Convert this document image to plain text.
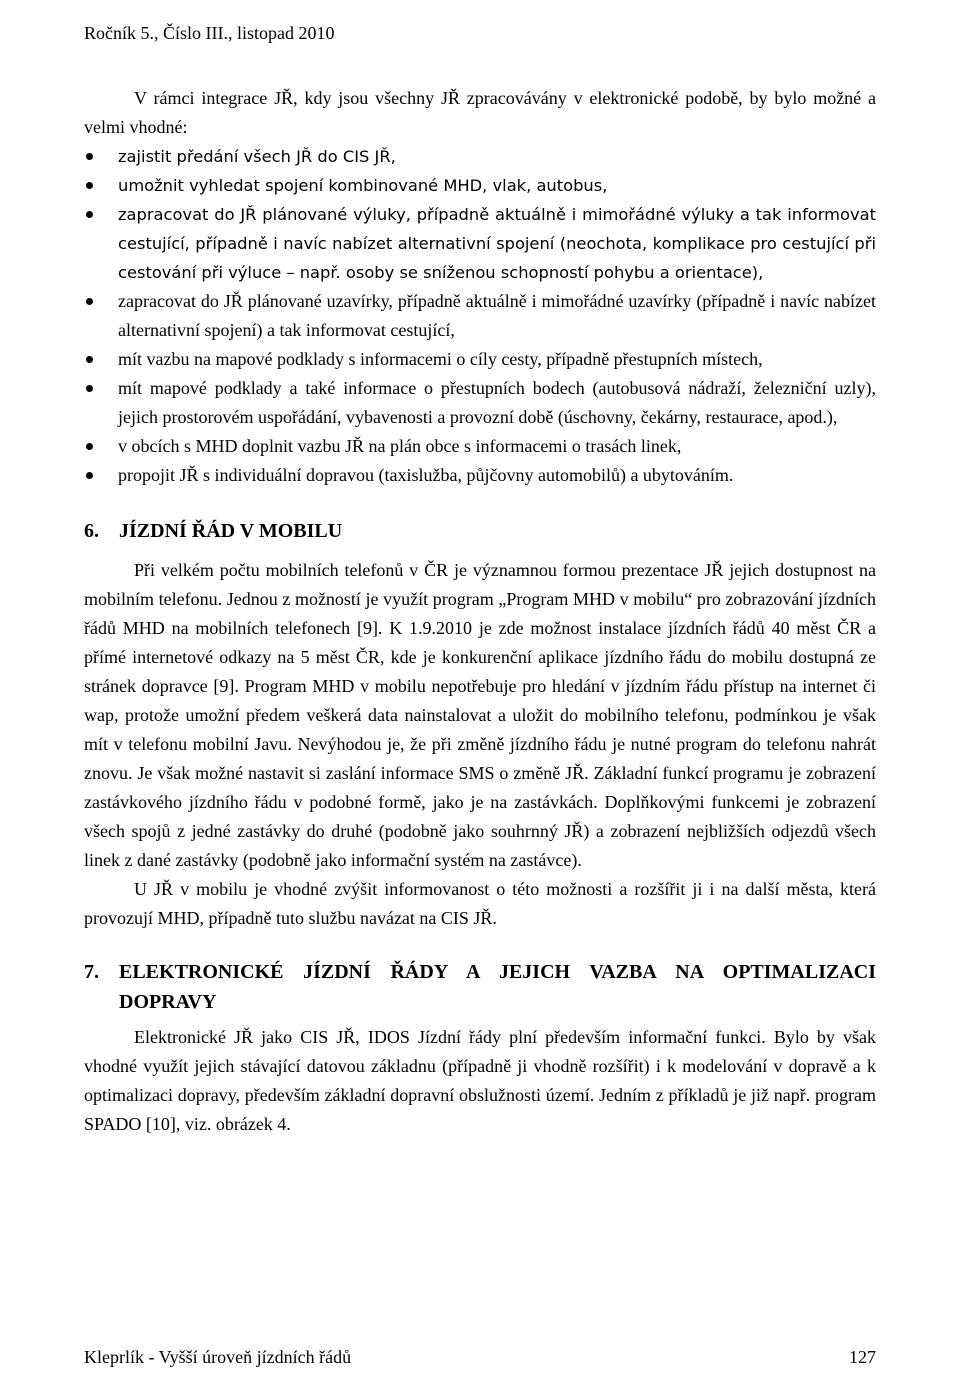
Ročník 5., Číslo III., listopad 2010

V rámci integrace JŘ, kdy jsou všechny JŘ zpracovávány v elektronické podobě, by bylo možné a velmi vhodné:

zajistit předání všech JŘ do CIS JŘ,
umožnit vyhledat spojení kombinované MHD, vlak, autobus,
zapracovat do JŘ plánované výluky, případně aktuálně i mimořádné výluky a tak informovat cestující, případně i navíc nabízet alternativní spojení (neochota, komplikace pro cestující při cestování při výluce – např. osoby se sníženou schopností pohybu a orientace),
zapracovat do JŘ plánované uzavírky, případně aktuálně i mimořádné uzavírky (případně i navíc nabízet alternativní spojení) a tak informovat cestující,
mít vazbu na mapové podklady s informacemi o cíly cesty, případně přestupních místech,
mít mapové podklady a také informace o přestupních bodech (autobusová nádraží, železniční uzly), jejich prostorovém uspořádání, vybavenosti a provozní době (úschovny, čekárny, restaurace, apod.),
v obcích s MHD doplnit vazbu JŘ na plán obce s informacemi o trasách linek,
propojit JŘ s individuální dopravou (taxislužba, půjčovny automobilů) a ubytováním.
6. JÍZDNÍ ŘÁD V MOBILU

Při velkém počtu mobilních telefonů v ČR je významnou formou prezentace JŘ jejich dostupnost na mobilním telefonu. Jednou z možností je využít program „Program MHD v mobilu“ pro zobrazování jízdních řádů MHD na mobilních telefonech [9]. K 1.9.2010 je zde možnost instalace jízdních řádů 40 měst ČR a přímé internetové odkazy na 5 měst ČR, kde je konkurenční aplikace jízdního řádu do mobilu dostupná ze stránek dopravce [9]. Program MHD v mobilu nepotřebuje pro hledání v jízdním řádu přístup na internet či wap, protože umožní předem veškerá data nainstalovat a uložit do mobilního telefonu, podmínkou je však mít v telefonu mobilní Javu. Nevýhodou je, že při změně jízdního řádu je nutné program do telefonu nahrát znovu. Je však možné nastavit si zaslání informace SMS o změně JŘ. Základní funkcí programu je zobrazení zastávkového jízdního řádu v podobné formě, jako je na zastávkách. Doplňkovými funkcemi je zobrazení všech spojů z jedné zastávky do druhé (podobně jako souhrnný JŘ) a zobrazení nejbližších odjezdů všech linek z dané zastávky (podobně jako informační systém na zastávce).

U JŘ v mobilu je vhodné zvýšit informovanost o této možnosti a rozšířit ji i na další města, která provozují MHD, případně tuto službu navázat na CIS JŘ.

7. ELEKTRONICKÉ JÍZDNÍ ŘÁDY A JEJICH VAZBA NA OPTIMALIZACI DOPRAVY

Elektronické JŘ jako CIS JŘ, IDOS Jízdní řády plní především informační funkci. Bylo by však vhodné využít jejich stávající datovou základnu (případně ji vhodně rozšířit) i k modelování v dopravě a k optimalizaci dopravy, především základní dopravní obslužnosti území. Jedním z příkladů je již např. program SPADO [10], viz. obrázek 4.

Kleprlík - Vyšší úroveň jízdních řádů	127
